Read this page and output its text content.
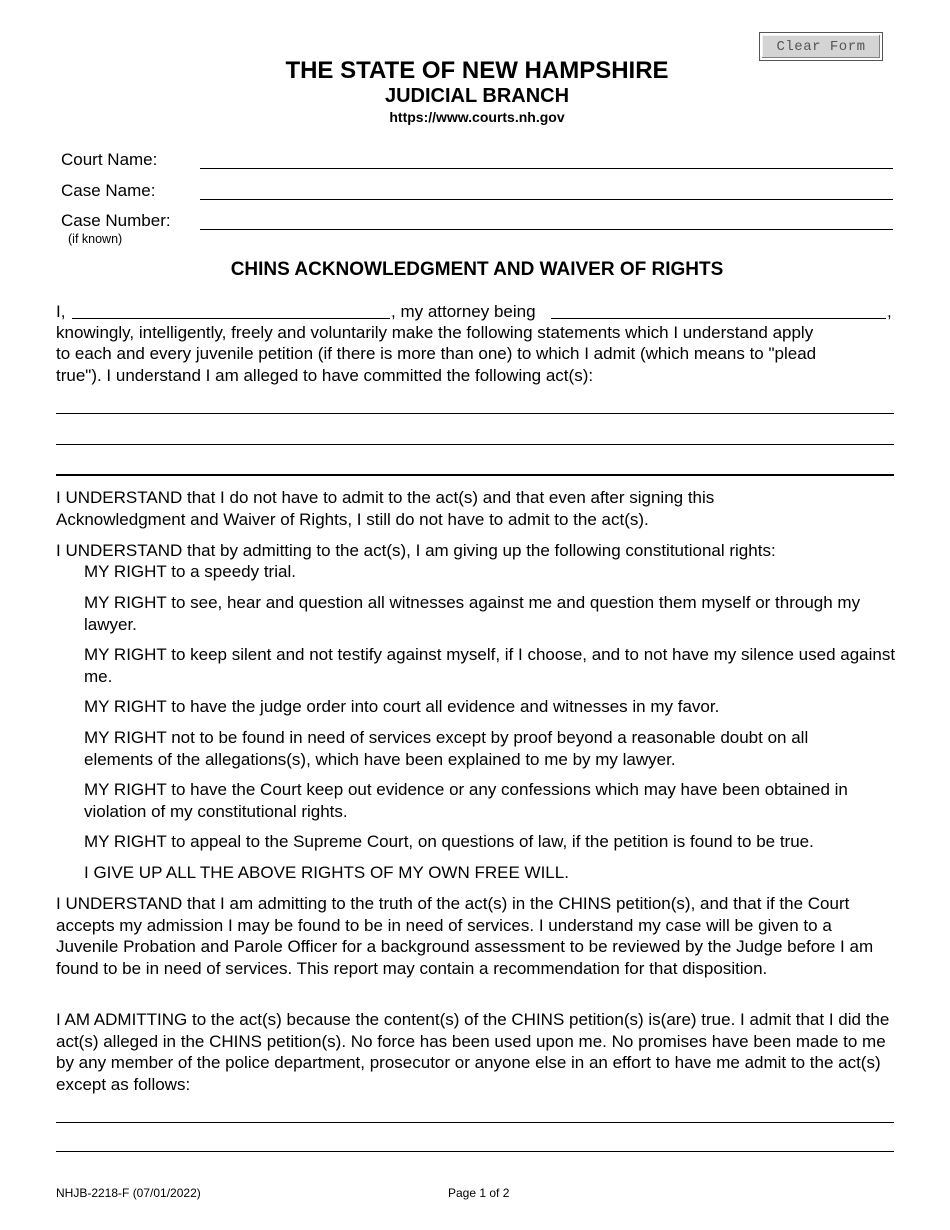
Clear Form
THE STATE OF NEW HAMPSHIRE
JUDICIAL BRANCH
https://www.courts.nh.gov
Court Name:
Case Name:
Case Number:
(if known)
CHINS ACKNOWLEDGMENT AND WAIVER OF RIGHTS
I,	, my attorney being	,
knowingly, intelligently, freely and voluntarily make the following statements which I understand apply
to each and every juvenile petition (if there is more than one) to which I admit (which means to "plead
true"). I understand I am alleged to have committed the following act(s):
I UNDERSTAND that I do not have to admit to the act(s) and that even after signing this Acknowledgment and Waiver of Rights, I still do not have to admit to the act(s).
I UNDERSTAND that by admitting to the act(s), I am giving up the following constitutional rights:
MY RIGHT to a speedy trial.
MY RIGHT to see, hear and question all witnesses against me and question them myself or through my lawyer.
MY RIGHT to keep silent and not testify against myself, if I choose, and to not have my silence used against me.
MY RIGHT to have the judge order into court all evidence and witnesses in my favor.
MY RIGHT not to be found in need of services except by proof beyond a reasonable doubt on all elements of the allegations(s), which have been explained to me by my lawyer.
MY RIGHT to have the Court keep out evidence or any confessions which may have been obtained in violation of my constitutional rights.
MY RIGHT to appeal to the Supreme Court, on questions of law, if the petition is found to be true.
I GIVE UP ALL THE ABOVE RIGHTS OF MY OWN FREE WILL.
I UNDERSTAND that I am admitting to the truth of the act(s) in the CHINS petition(s), and that if the Court accepts my admission I may be found to be in need of services. I understand my case will be given to a Juvenile Probation and Parole Officer for a background assessment to be reviewed by the Judge before I am found to be in need of services. This report may contain a recommendation for that disposition.
I AM ADMITTING to the act(s) because the content(s) of the CHINS petition(s) is(are) true. I admit that I did the act(s) alleged in the CHINS petition(s). No force has been used upon me. No promises have been made to me by any member of the police department, prosecutor or anyone else in an effort to have me admit to the act(s) except as follows:
NHJB-2218-F (07/01/2022)	Page 1 of 2
